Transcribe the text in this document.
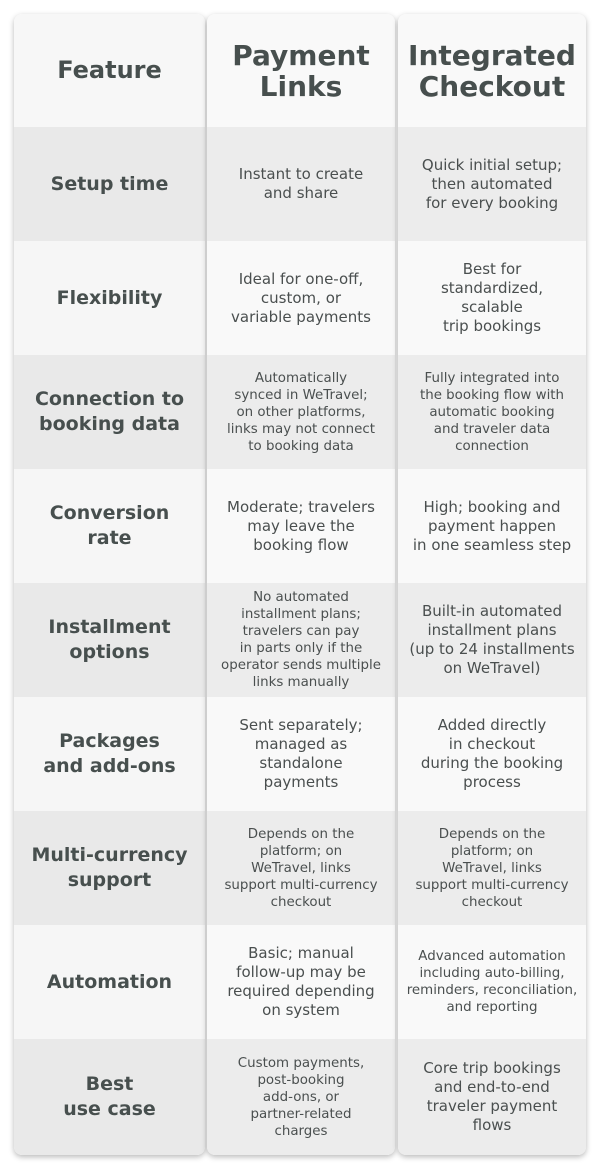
Feature
Setup time
Flexibility
Connection to
booking data
Conversion
rate
Installment
options
Packages
and add-ons
Multi-currency
support
Automation
Best
use case
Payment
Links
Instant to create
and share
Ideal for one-off,
custom, or
variable payments
Automatically
synced in WeTravel;
on other platforms,
links may not connect
to booking data
Moderate; travelers
may leave the
booking flow
No automated
installment plans;
travelers can pay
in parts only if the
operator sends multiple
links manually
Sent separately;
managed as
standalone
payments
Depends on the
platform; on
WeTravel, links
support multi-currency
checkout
Basic; manual
follow-up may be
required depending
on system
Custom payments,
post-booking
add-ons, or
partner-related
charges
Integrated
Checkout
Quick initial setup;
then automated
for every booking
Best for
standardized,
scalable
trip bookings
Fully integrated into
the booking flow with
automatic booking
and traveler data
connection
High; booking and
payment happen
in one seamless step
Built-in automated
installment plans
(up to 24 installments
on WeTravel)
Added directly
in checkout
during the booking
process
Depends on the
platform; on
WeTravel, links
support multi-currency
checkout
Advanced automation
including auto-billing,
reminders, reconciliation,
and reporting
Core trip bookings
and end-to-end
traveler payment
flows
